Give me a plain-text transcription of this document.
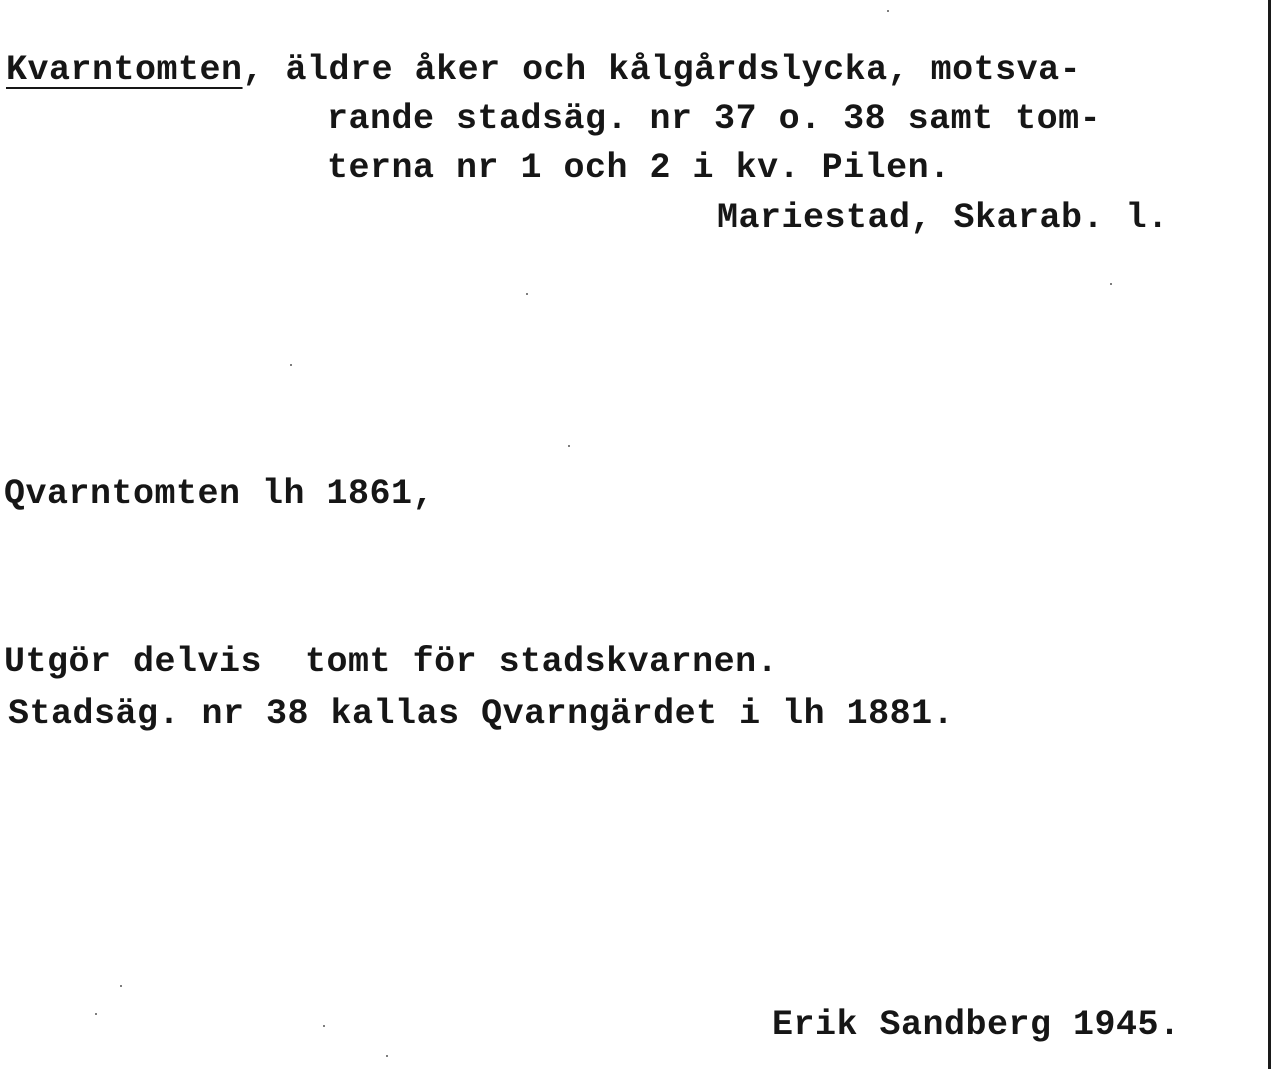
Kvarntomten, äldre åker och kålgårdslycka, motsva-
rande stadsäg. nr 37 o. 38 samt tom-
terna nr 1 och 2 i kv. Pilen.
Mariestad, Skarab. l.
Qvarntomten lh 1861,
Utgör delvis  tomt för stadskvarnen.
Stadsäg. nr 38 kallas Qvarngärdet i lh 1881.
Erik Sandberg 1945.
